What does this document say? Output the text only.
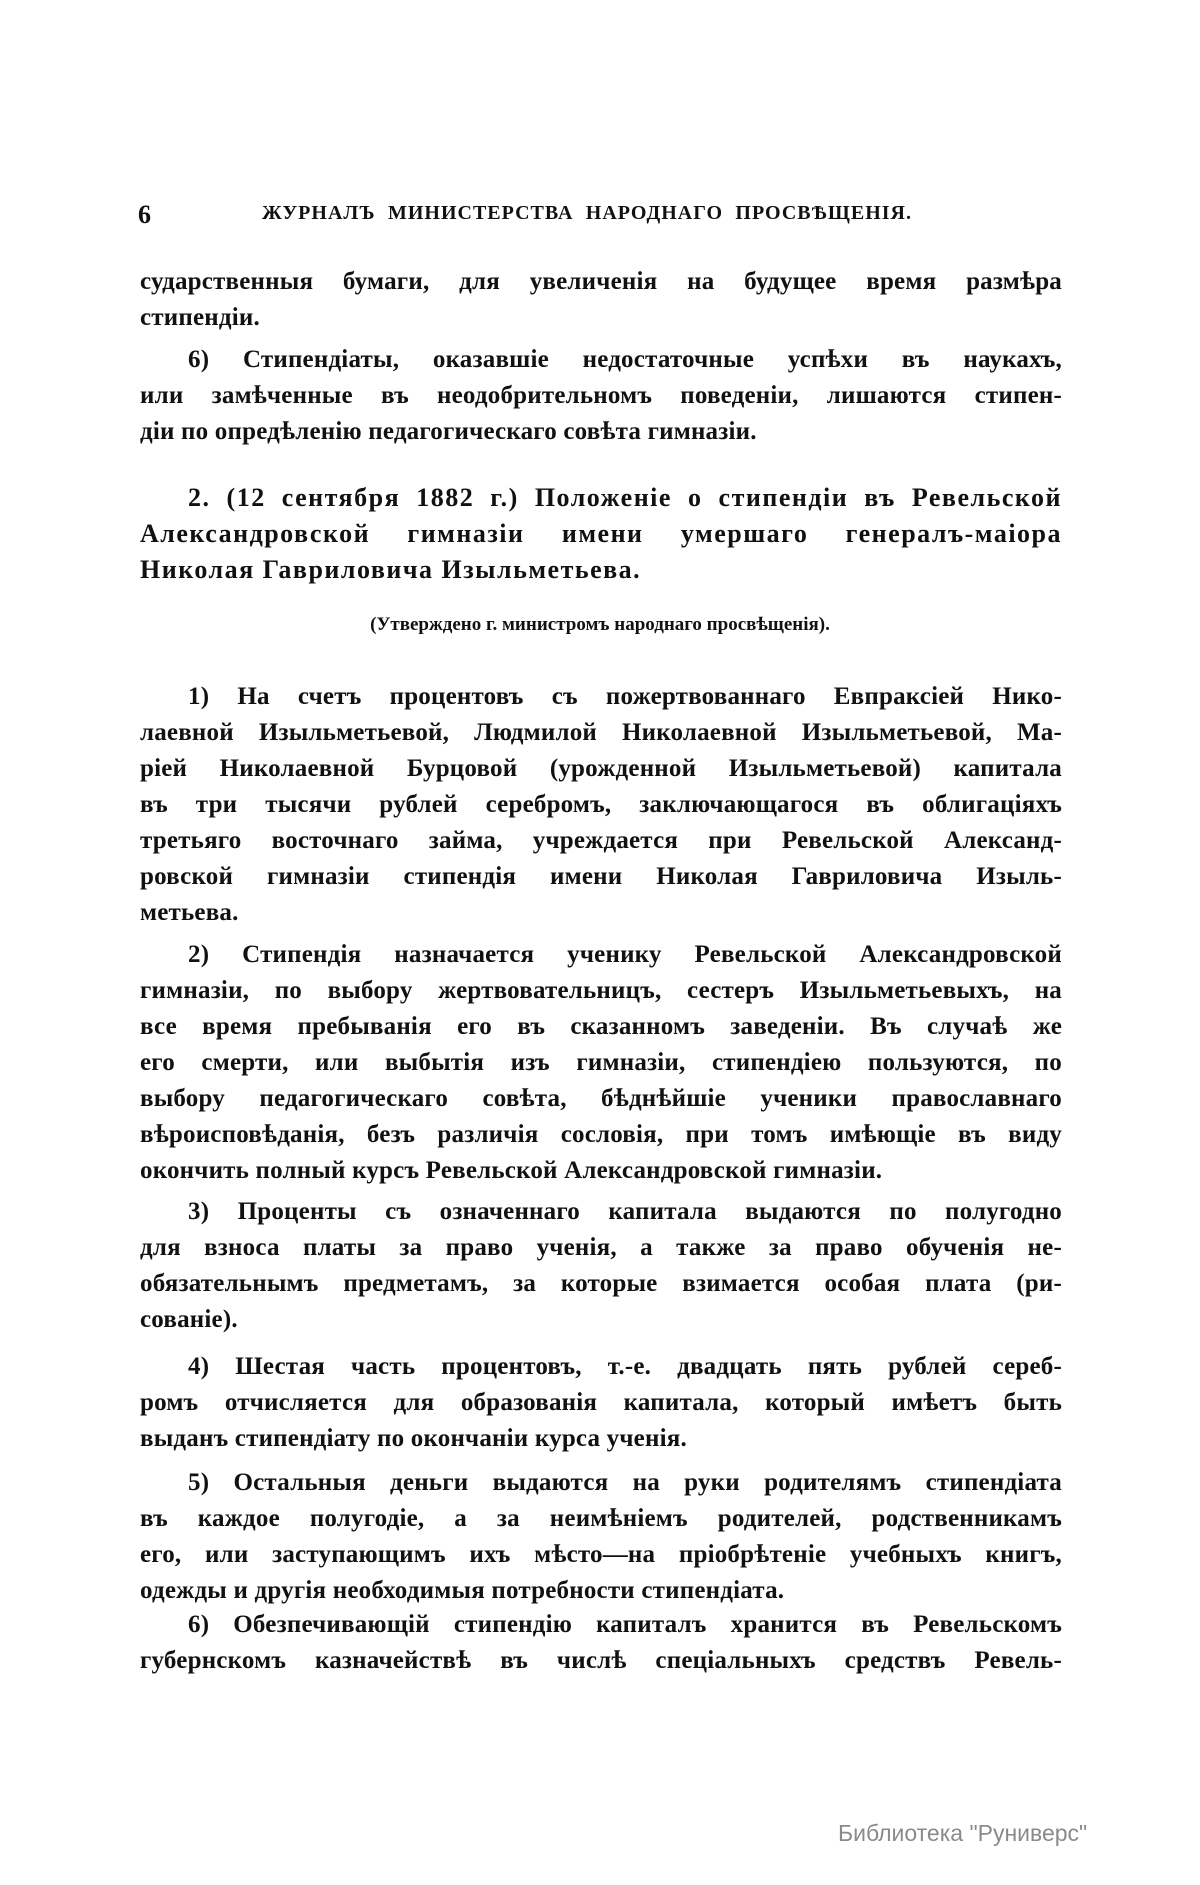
6	ЖУРНАЛЪ МИНИСТЕРСТВА НАРОДНАГО ПРОСВѢЩЕНІЯ.
(Утверждено г. министромъ народнаго просвѣщенія).
Библиотека "Руниверс"
сударственныя бумаги, для увеличенія на будущее время размѣра
стипендіи.
6) Стипендіаты, оказавшіе недостаточные успѣхи въ наукахъ,
или замѣченные въ неодобрительномъ поведеніи, лишаются стипен-
діи по опредѣленію педагогическаго совѣта гимназіи.
2. (12 сентября 1882 г.) Положеніе о стипендіи въ Ревельской
Александровской гимназіи имени умершаго генералъ-маіора
Николая Гавриловича Изыльметьева.
1) На счетъ процентовъ съ пожертвованнаго Евпраксіей Нико-
лаевной Изыльметьевой, Людмилой Николаевной Изыльметьевой, Ма-
ріей Николаевной Бурцовой (урожденной Изыльметьевой) капитала
въ три тысячи рублей серебромъ, заключающагося въ облигаціяхъ
третьяго восточнаго займа, учреждается при Ревельской Александ-
ровской гимназіи стипендія имени Николая Гавриловича Изыль-
метьева.
2) Стипендія назначается ученику Ревельской Александровской
гимназіи, по выбору жертвовательницъ, сестеръ Изыльметьевыхъ, на
все время пребыванія его въ сказанномъ заведеніи. Въ случаѣ же
его смерти, или выбытія изъ гимназіи, стипендіею пользуются, по
выбору педагогическаго совѣта, бѣднѣйшіе ученики православнаго
вѣроисповѣданія, безъ различія сословія, при томъ имѣющіе въ виду
окончить полный курсъ Ревельской Александровской гимназіи.
3) Проценты съ означеннаго капитала выдаются по полугодно
для взноса платы за право ученія, а также за право обученія не-
обязательнымъ предметамъ, за которые взимается особая плата (ри-
сованіе).
4) Шестая часть процентовъ, т.-е. двадцать пять рублей сереб-
ромъ отчисляется для образованія капитала, который имѣетъ быть
выданъ стипендіату по окончаніи курса ученія.
5) Остальныя деньги выдаются на руки родителямъ стипендіата
въ каждое полугодіе, а за неимѣніемъ родителей, родственникамъ
его, или заступающимъ ихъ мѣсто—на пріобрѣтеніе учебныхъ книгъ,
одежды и другія необходимыя потребности стипендіата.
6) Обезпечивающій стипендію капиталъ хранится въ Ревельскомъ
губернскомъ казначействѣ въ числѣ спеціальныхъ средствъ Ревель-
